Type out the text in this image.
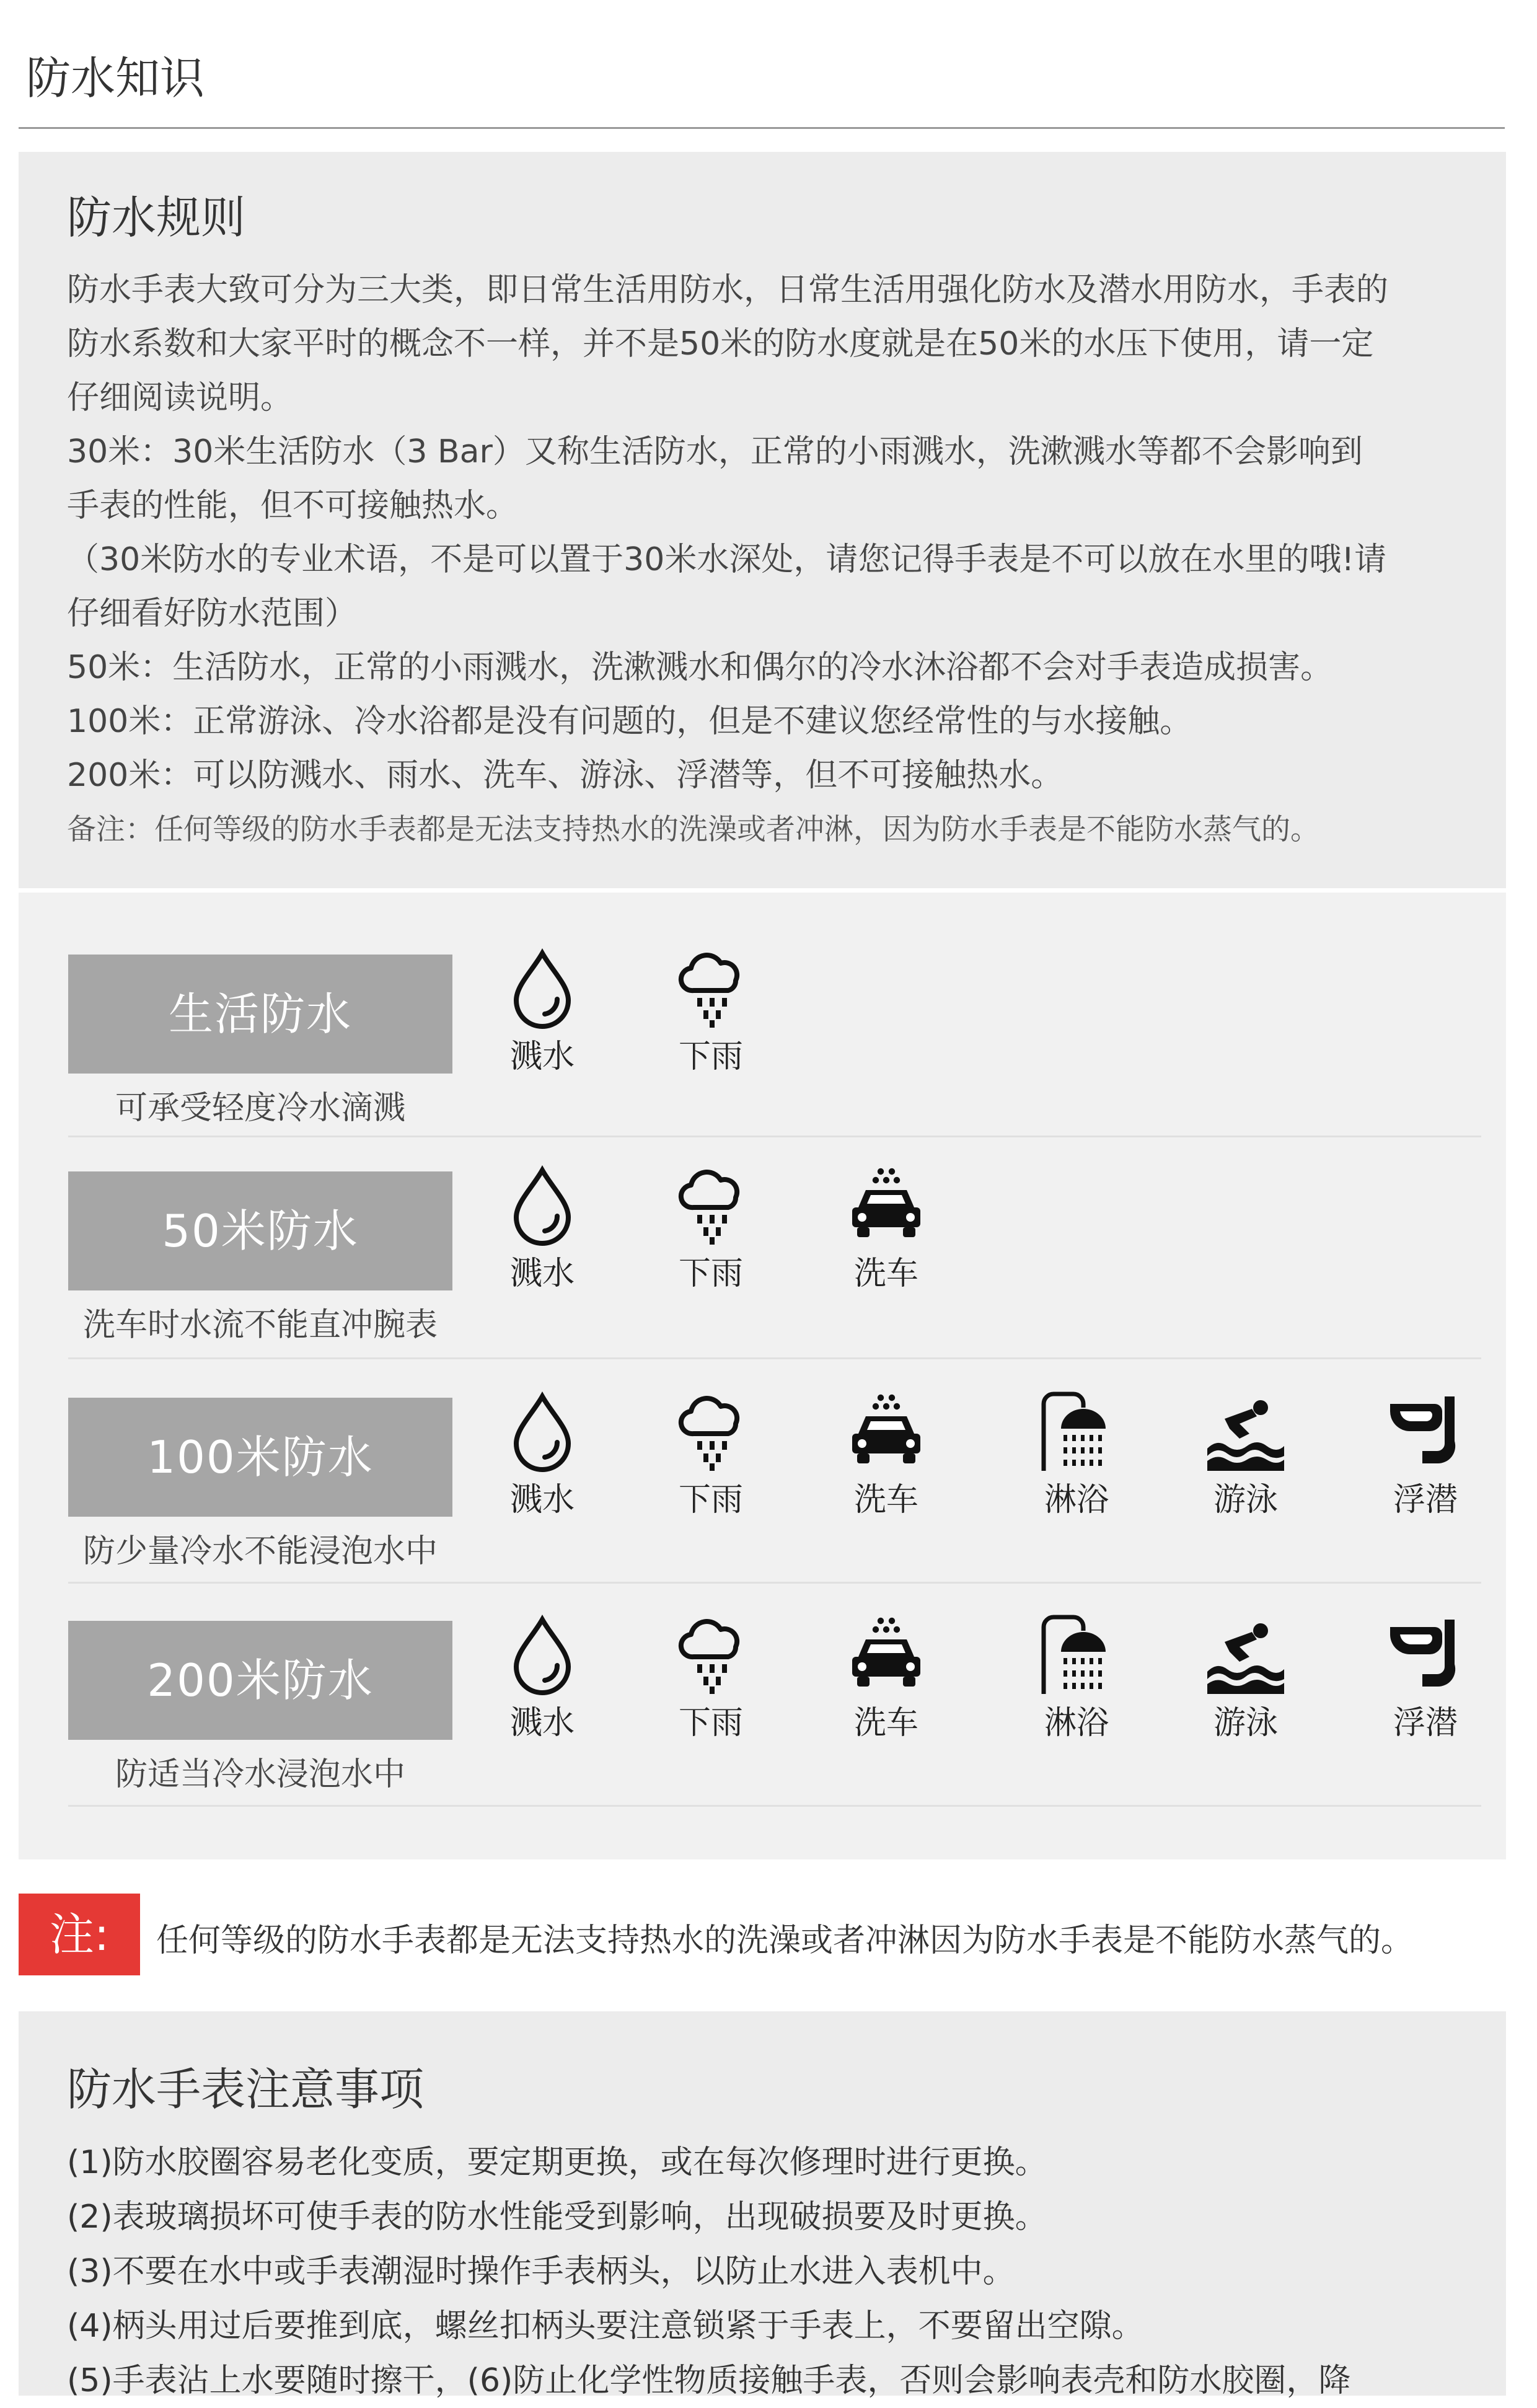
防水知识
防水规则

防水手表大致可分为三大类，即日常生活用防水，日常生活用强化防水及潜水用防水，手表的

防水系数和大家平时的概念不一样，并不是50米的防水度就是在50米的水压下使用，请一定

仔细阅读说明。

30米：30米生活防水（3 Bar）又称生活防水，正常的小雨溅水，洗漱溅水等都不会影响到

手表的性能，但不可接触热水。

（30米防水的专业术语，不是可以置于30米水深处，请您记得手表是不可以放在水里的哦!请

仔细看好防水范围）

50米：生活防水，正常的小雨溅水，洗漱溅水和偶尔的冷水沐浴都不会对手表造成损害。

100米：正常游泳、冷水浴都是没有问题的，但是不建议您经常性的与水接触。

200米：可以防溅水、雨水、洗车、游泳、浮潜等，但不可接触热水。

备注：任何等级的防水手表都是无法支持热水的洗澡或者冲淋，因为防水手表是不能防水蒸气的。

生活防水
可承受轻度冷水滴溅
溅水	下雨
50米防水
洗车时水流不能直冲腕表
溅水	下雨	洗车
100米防水
防少量冷水不能浸泡水中
溅水	下雨	洗车	淋浴	游泳	浮潜
200米防水
防适当冷水浸泡水中
溅水	下雨	洗车	淋浴	游泳	浮潜
注:	任何等级的防水手表都是无法支持热水的洗澡或者冲淋因为防水手表是不能防水蒸气的。
防水手表注意事项

(1)防水胶圈容易老化变质，要定期更换，或在每次修理时进行更换。

(2)表玻璃损坏可使手表的防水性能受到影响，出现破损要及时更换。

(3)不要在水中或手表潮湿时操作手表柄头，以防止水进入表机中。

(4)柄头用过后要推到底，螺丝扣柄头要注意锁紧于手表上，不要留出空隙。

(5)手表沾上水要随时擦干，(6)防止化学性物质接触手表，否则会影响表壳和防水胶圈，降
